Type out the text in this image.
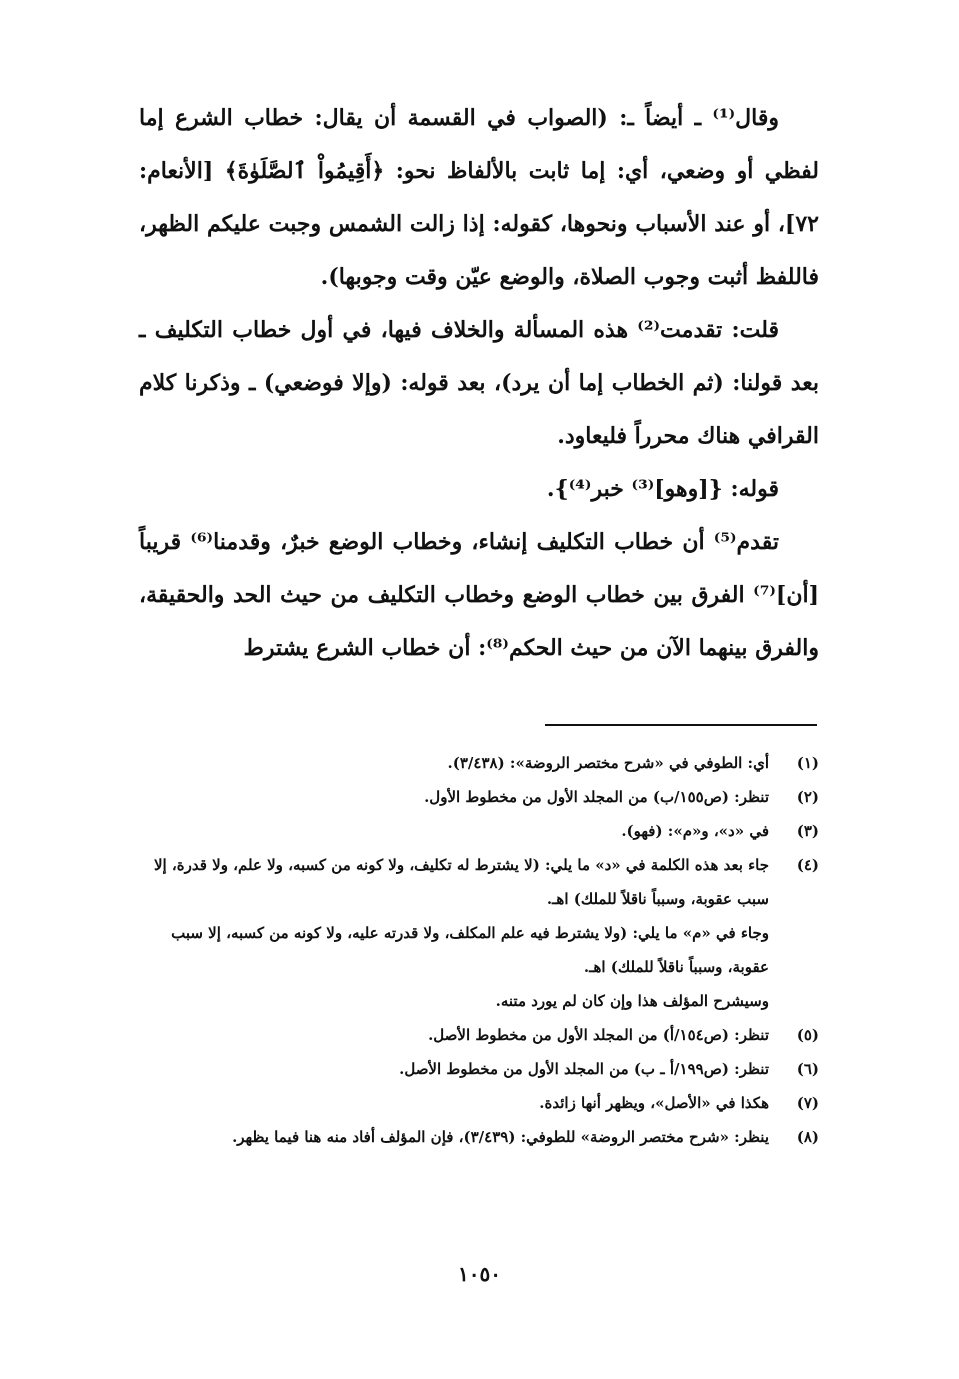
وقال⁽¹⁾ ـ أيضاً ـ: (الصواب في القسمة أن يقال: خطاب الشرع إما لفظي أو وضعي، أي: إما ثابت بالألفاظ نحو: ﴿أَقِيمُواْ ٱلصَّلَوٰةَ﴾ [الأنعام: ٧٢]، أو عند الأسباب ونحوها، كقوله: إذا زالت الشمس وجبت عليكم الظهر، فاللفظ أثبت وجوب الصلاة، والوضع عيّن وقت وجوبها).

قلت: تقدمت⁽²⁾ هذه المسألة والخلاف فيها، في أول خطاب التكليف ـ بعد قولنا: (ثم الخطاب إما أن يرد)، بعد قوله: (وإلا فوضعي) ـ وذكرنا كلام القرافي هناك محرراً فليعاود.

قوله: {[وهو]⁽³⁾ خبر⁽⁴⁾}.

تقدم⁽⁵⁾ أن خطاب التكليف إنشاء، وخطاب الوضع خبرٌ، وقدمنا⁽⁶⁾ قريباً [أن]⁽⁷⁾ الفرق بين خطاب الوضع وخطاب التكليف من حيث الحد والحقيقة، والفرق بينهما الآن من حيث الحكم⁽⁸⁾: أن خطاب الشرع يشترط

(١)
أي: الطوفي في «شرح مختصر الروضة»: (٣/٤٣٨).
(٢)
تنظر: (ص١٥٥/ب) من المجلد الأول من مخطوط الأول.
(٣)
في «د»، و«م»: (فهو).
(٤)
جاء بعد هذه الكلمة في «د» ما يلي: (لا يشترط له تكليف، ولا كونه من كسبه، ولا علم، ولا قدرة، إلا سبب عقوبة، وسبباً ناقلاً للملك) اهـ.
وجاء في «م» ما يلي: (ولا يشترط فيه علم المكلف، ولا قدرته عليه، ولا كونه من كسبه، إلا سبب عقوبة، وسبباً ناقلاً للملك) اهـ.
وسيشرح المؤلف هذا وإن كان لم يورد متنه.
(٥)
تنظر: (ص١٥٤/أ) من المجلد الأول من مخطوط الأصل.
(٦)
تنظر: (ص١٩٩/أ ـ ب) من المجلد الأول من مخطوط الأصل.
(٧)
هكذا في «الأصل»، ويظهر أنها زائدة.
(٨)
ينظر: «شرح مختصر الروضة» للطوفي: (٣/٤٣٩)، فإن المؤلف أفاد منه هنا فيما يظهر.
١٠٥٠
